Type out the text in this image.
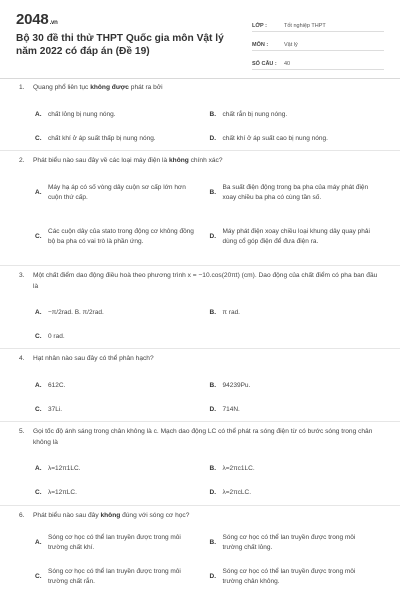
2048.vn
Bộ 30 đề thi thử THPT Quốc gia môn Vật lý năm 2022 có đáp án (Đề 19)
LỚP :	Tốt nghiệp THPT
MÔN :	Vật lý
SỐ CÂU :	40
1.	Quang phổ liên tục không được phát ra bởi
A.	chất lỏng bị nung nóng.	B.	chất rắn bị nung nóng.
C.	chất khí ở áp suất thấp bị nung nóng.	D.	chất khí ở áp suất cao bị nung nóng.
2.	Phát biểu nào sau đây về các loại máy điện là không chính xác?
A.
Máy hạ áp có số vòng dây cuộn sơ cấp lớn hơn cuộn thứ cấp.
B.
Ba suất điện động trong ba pha của máy phát điện xoay chiều ba pha có cùng tần số.
C.
Các cuộn dây của stato trong động cơ không đồng bộ ba pha có vai trò là phần ứng.
D.
Máy phát điện xoay chiều loại khung dây quay phải dùng cổ góp điện để đưa điện ra.
3.	Một chất điểm dao động điều hoà theo phương trình x = −10.cos(20πt) (cm). Dao động của chất điểm có pha ban đầu là
A.	−π/2rad. B. π/2rad.	B.	π rad.
C.	0 rad.
4.	Hạt nhân nào sau đây có thể phân hạch?
A.	612C.	B.	94239Pu.
C.	37Li.	D.	714N.
5.	Gọi tốc độ ánh sáng trong chân không là c. Mạch dao động LC có thể phát ra sóng điện từ có bước sóng trong chân không là
A.	λ=12π1LC.	B.	λ=2πc1LC.
C.	λ=12πLC.	D.	λ=2πcLC.
6.	Phát biểu nào sau đây không đúng với sóng cơ học?
A.
Sóng cơ học có thể lan truyền được trong môi trường chất khí.
B.
Sóng cơ học có thể lan truyền được trong môi trường chất lỏng.
C.
Sóng cơ học có thể lan truyền được trong môi trường chất rắn.
D.
Sóng cơ học có thể lan truyền được trong môi trường chân không.
